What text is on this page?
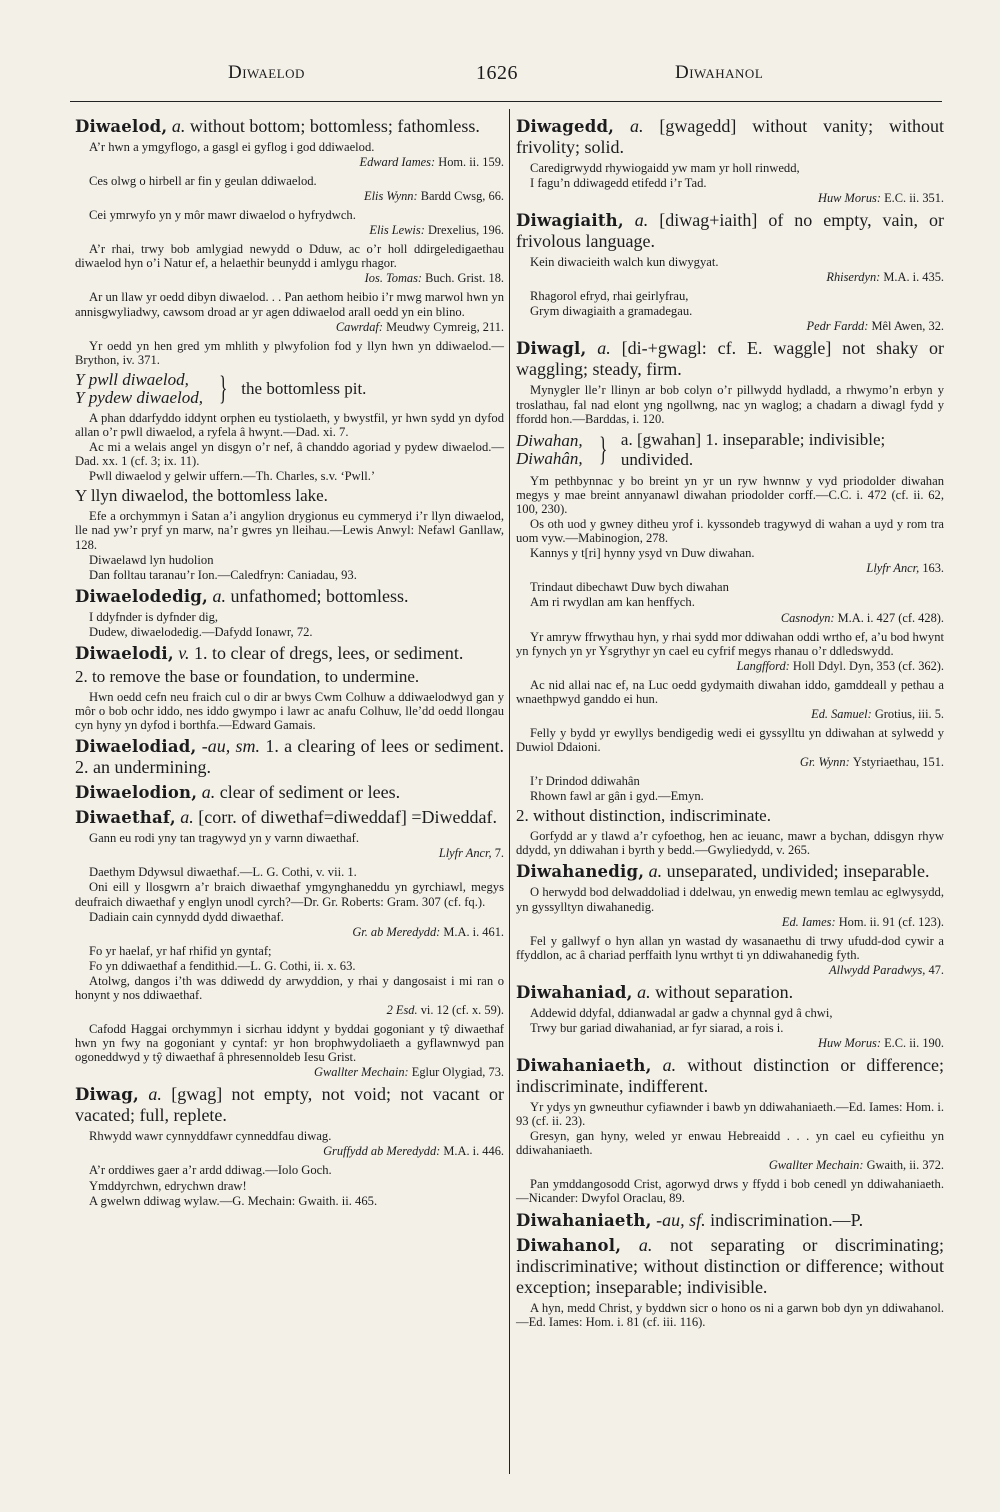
Diwaelod	1626	Diwahanol
Diwaelod, a. without bottom; bottomless; fathomless.
A’r hwn a ymgyflogo, a gasgl ei gyflog i god ddiwaelod.
Edward Iames: Hom. ii. 159.
Ces olwg o hirbell ar fin y geulan ddiwaelod.
Elis Wynn: Bardd Cwsg, 66.
Cei ymrwyfo yn y môr mawr diwaelod o hyfrydwch.
Elis Lewis: Drexelius, 196.
A’r rhai, trwy bob amlygiad newydd o Dduw, ac o’r holl ddirgeledigaethau diwaelod hyn o’i Natur ef, a helaethir beunydd i amlygu rhagor.
Ios. Tomas: Buch. Grist. 18.
Ar un llaw yr oedd dibyn diwaelod. . . Pan aethom heibio i’r mwg marwol hwn yn annisgwyliadwy, cawsom droad ar yr agen ddiwaelod arall oedd yn ein blino.
Cawrdaf: Meudwy Cymreig, 211.
Yr oedd yn hen gred ym mhlith y plwyfolion fod y llyn hwn yn ddiwaelod.—Brython, iv. 371.
Y pwll diwaelod,
Y pydew diwaelod, } the bottomless pit.
A phan ddarfyddo iddynt orphen eu tystiolaeth, y bwystfil, yr hwn sydd yn dyfod allan o’r pwll diwaelod, a ryfela â hwynt.—Dad. xi. 7.
Ac mi a welais angel yn disgyn o’r nef, â chanddo agoriad y pydew diwaelod.—Dad. xx. 1 (cf. 3; ix. 11).
Pwll diwaelod y gelwir uffern.—Th. Charles, s.v. ‘Pwll.’
Y llyn diwaelod, the bottomless lake.
Efe a orchymmyn i Satan a’i angylion drygionus eu cymmeryd i’r llyn diwaelod, lle nad yw’r pryf yn marw, na’r gwres yn lleihau.—Lewis Anwyl: Nefawl Ganllaw, 128.
Diwaelawd lyn hudolion
Dan folltau taranau’r Ion.—Caledfryn: Caniadau, 93.
Diwaelodedig, a. unfathomed; bottomless.
I ddyfnder is dyfnder dig,
Dudew, diwaelodedig.—Dafydd Ionawr, 72.
Diwaelodi, v. 1. to clear of dregs, lees, or sediment.
2. to remove the base or foundation, to undermine.
Hwn oedd cefn neu fraich cul o dir ar bwys Cwm Colhuw a ddiwaelodwyd gan y môr o bob ochr iddo, nes iddo gwympo i lawr ac anafu Colhuw, lle’dd oedd llongau cyn hyny yn dyfod i borthfa.—Edward Gamais.
Diwaelodiad, -au, sm. 1. a clearing of lees or sediment. 2. an undermining.
Diwaelodion, a. clear of sediment or lees.
Diwaethaf, a. [corr. of diwethaf=diweddaf] =Diweddaf.
Gann eu rodi yny tan tragywyd yn y varnn diwaethaf.
Llyfr Ancr, 7.
Daethym Ddywsul diwaethaf.—L. G. Cothi, v. vii. 1.
Oni eill y llosgwrn a’r braich diwaethaf ymgynghaneddu yn gyrchiawl, megys deufraich diwaethaf y englyn unodl cyrch?—Dr. Gr. Roberts: Gram. 307 (cf. fq.).
Dadiain cain cynnydd dydd diwaethaf.
Gr. ab Meredydd: M.A. i. 461.
Fo yr haelaf, yr haf rhifid yn gyntaf;
Fo yn ddiwaethaf a fendithid.—L. G. Cothi, ii. x. 63.
Atolwg, dangos i’th was ddiwedd dy arwyddion, y rhai y dangosaist i mi ran o honynt y nos ddiwaethaf.
2 Esd. vi. 12 (cf. x. 59).
Cafodd Haggai orchymmyn i sicrhau iddynt y byddai gogoniant y tŷ diwaethaf hwn yn fwy na gogoniant y cyntaf: yr hon brophwydoliaeth a gyflawnwyd pan ogoneddwyd y tŷ diwaethaf â phresennoldeb Iesu Grist.
Gwallter Mechain: Eglur Olygiad, 73.
Diwag, a. [gwag] not empty, not void; not vacant or vacated; full, replete.
Rhwydd wawr cynnyddfawr cynneddfau diwag.
Gruffydd ab Meredydd: M.A. i. 446.
A’r orddiwes gaer a’r ardd ddiwag.—Iolo Goch.
Ymddyrchwn, edrychwn draw!
A gwelwn ddiwag wylaw.—G. Mechain: Gwaith. ii. 465.
Diwagedd, a. [gwagedd] without vanity; without frivolity; solid.
Caredigrwydd rhywiogaidd yw mam yr holl rinwedd,
I fagu’n ddiwagedd etifedd i’r Tad.
Huw Morus: E.C. ii. 351.
Diwagiaith, a. [diwag+iaith] of no empty, vain, or frivolous language.
Kein diwacieith walch kun diwygyat.
Rhiserdyn: M.A. i. 435.
Rhagorol efryd, rhai geirlyfrau,
Grym diwagiaith a gramadegau.
Pedr Fardd: Mêl Awen, 32.
Diwagl, a. [di-+gwagl: cf. E. waggle] not shaky or waggling; steady, firm.
Mynygler lle’r llinyn ar bob colyn o’r pillwydd hydladd, a rhwymo’n erbyn y troslathau, fal nad elont yng ngollwng, nac yn waglog; a chadarn a diwagl fydd y ffordd hon.—Barddas, i. 120.
Diwahan,
Diwahân, } a. [gwahan] 1. inseparable; indivisible; undivided.
Ym pethbynnac y bo breint yn yr un ryw hwnnw y vyd priodolder diwahan megys y mae breint annyanawl diwahan priodolder corff.—C.C. i. 472 (cf. ii. 62, 100, 230).
Os oth uod y gwney ditheu yrof i. kyssondeb tragywyd di wahan a uyd y rom tra uom vyw.—Mabinogion, 278.
Kannys y t[ri] hynny ysyd vn Duw diwahan.
Llyfr Ancr, 163.
Trindaut dibechawt Duw bych diwahan
Am ri rwydlan am kan henffych.
Casnodyn: M.A. i. 427 (cf. 428).
Yr amryw ffrwythau hyn, y rhai sydd mor ddiwahan oddi wrtho ef, a’u bod hwynt yn fynych yn yr Ysgrythyr yn cael eu cyfrif megys rhanau o’r ddledswydd.
Langfford: Holl Ddyl. Dyn, 353 (cf. 362).
Ac nid allai nac ef, na Luc oedd gydymaith diwahan iddo, gamddeall y pethau a wnaethpwyd ganddo ei hun.
Ed. Samuel: Grotius, iii. 5.
Felly y bydd yr ewyllys bendigedig wedi ei gyssylltu yn ddiwahan at sylwedd y Duwiol Ddaioni.
Gr. Wynn: Ystyriaethau, 151.
I’r Drindod ddiwahân
Rhown fawl ar gân i gyd.—Emyn.
2. without distinction, indiscriminate.
Gorfydd ar y tlawd a’r cyfoethog, hen ac ieuanc, mawr a bychan, ddisgyn rhyw ddydd, yn ddiwahan i byrth y bedd.—Gwyliedydd, v. 265.
Diwahanedig, a. unseparated, undivided; inseparable.
O herwydd bod delwaddoliad i ddelwau, yn enwedig mewn temlau ac eglwysydd, yn gyssylltyn diwahanedig.
Ed. Iames: Hom. ii. 91 (cf. 123).
Fel y gallwyf o hyn allan yn wastad dy wasanaethu di trwy ufudd-dod cywir a ffyddlon, ac â chariad perffaith lynu wrthyt ti yn ddiwahanedig fyth.
Allwydd Paradwys, 47.
Diwahaniad, a. without separation.
Addewid ddyfal, ddianwadal ar gadw a chynnal gyd â chwi,
Trwy bur gariad diwahaniad, ar fyr siarad, a rois i.
Huw Morus: E.C. ii. 190.
Diwahaniaeth, a. without distinction or difference; indiscriminate, indifferent.
Yr ydys yn gwneuthur cyfiawnder i bawb yn ddiwahaniaeth.—Ed. Iames: Hom. i. 93 (cf. ii. 23).
Gresyn, gan hyny, weled yr enwau Hebreaidd . . . yn cael eu cyfieithu yn ddiwahaniaeth.
Gwallter Mechain: Gwaith, ii. 372.
Pan ymddangosodd Crist, agorwyd drws y ffydd i bob cenedl yn ddiwahaniaeth.—Nicander: Dwyfol Oraclau, 89.
Diwahaniaeth, -au, sf. indiscrimination.—P.
Diwahanol, a. not separating or discriminating; indiscriminative; without distinction or difference; without exception; inseparable; indivisible.
A hyn, medd Christ, y byddwn sicr o hono os ni a garwn bob dyn yn ddiwahanol.—Ed. Iames: Hom. i. 81 (cf. iii. 116).
